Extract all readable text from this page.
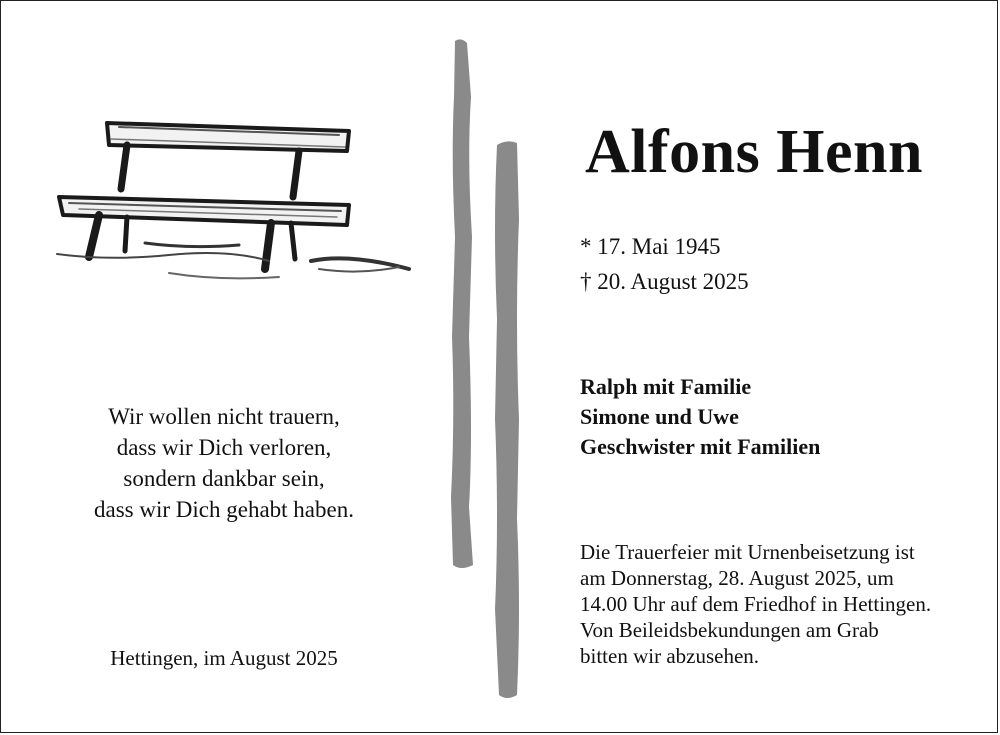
Wir wollen nicht trauern,
dass wir Dich verloren,
sondern dankbar sein,
dass wir Dich gehabt haben.
Hettingen, im August 2025
Alfons Henn
* 17. Mai 1945
† 20. August 2025
Ralph mit Familie
Simone und Uwe
Geschwister mit Familien
Die Trauerfeier mit Urnenbeisetzung ist
am Donnerstag, 28. August 2025, um
14.00 Uhr auf dem Friedhof in Hettingen.
Von Beileidsbekundungen am Grab
bitten wir abzusehen.
